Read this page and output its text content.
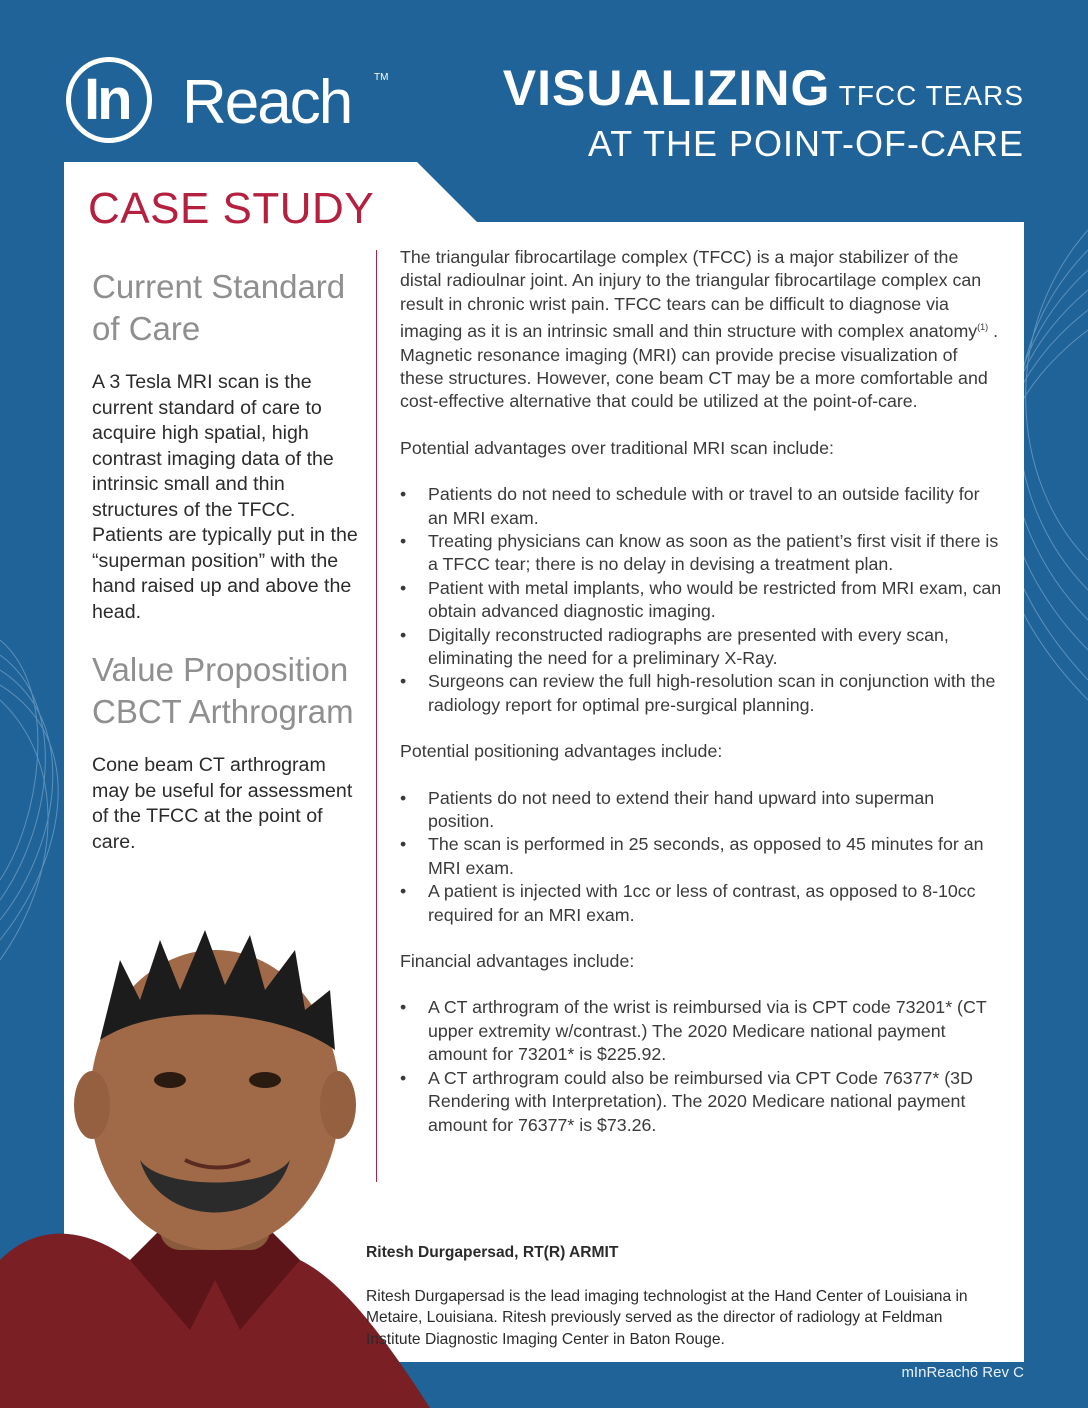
In Reach TM VISUALIZING TFCC TEARS
AT THE POINT-OF-CARE
CASE STUDY
Current Standard
of Care

A 3 Tesla MRI scan is the current standard of care to acquire high spatial, high contrast imaging data of the intrinsic small and thin structures of the TFCC. Patients are typically put in the “superman position” with the hand raised up and above the head.

Value Proposition
CBCT Arthrogram

Cone beam CT arthrogram may be useful for assessment of the TFCC at the point of care.

The triangular fibrocartilage complex (TFCC) is a major stabilizer of the distal radioulnar joint. An injury to the triangular fibrocartilage complex can result in chronic wrist pain. TFCC tears can be difficult to diagnose via imaging as it is an intrinsic small and thin structure with complex anatomy$^{(1)}$ . Magnetic resonance imaging (MRI) can provide precise visualization of these structures. However, cone beam CT may be a more comfortable and cost-effective alternative that could be utilized at the point-of-care.

Potential advantages over traditional MRI scan include:

• Patients do not need to schedule with or travel to an outside facility for an MRI exam.
• Treating physicians can know as soon as the patient’s first visit if there is a TFCC tear; there is no delay in devising a treatment plan.
• Patient with metal implants, who would be restricted from MRI exam, can obtain advanced diagnostic imaging.
• Digitally reconstructed radiographs are presented with every scan, eliminating the need for a preliminary X-Ray.
• Surgeons can review the full high-resolution scan in conjunction with the radiology report for optimal pre-surgical planning.

Potential positioning advantages include:

• Patients do not need to extend their hand upward into superman position.
• The scan is performed in 25 seconds, as opposed to 45 minutes for an MRI exam.
• A patient is injected with 1cc or less of contrast, as opposed to 8-10cc required for an MRI exam.

Financial advantages include:

• A CT arthrogram of the wrist is reimbursed via is CPT code 73201* (CT upper extremity w/contrast.) The 2020 Medicare national payment amount for 73201* is $225.92.
• A CT arthrogram could also be reimbursed via CPT Code 76377* (3D Rendering with Interpretation). The 2020 Medicare national payment amount for 76377* is $73.26.

Ritesh Durgapersad, RT(R) ARMIT

Ritesh Durgapersad is the lead imaging technologist at the Hand Center of Louisiana in Metaire, Louisiana. Ritesh previously served as the director of radiology at Feldman Institute Diagnostic Imaging Center in Baton Rouge.

mInReach6 Rev C
